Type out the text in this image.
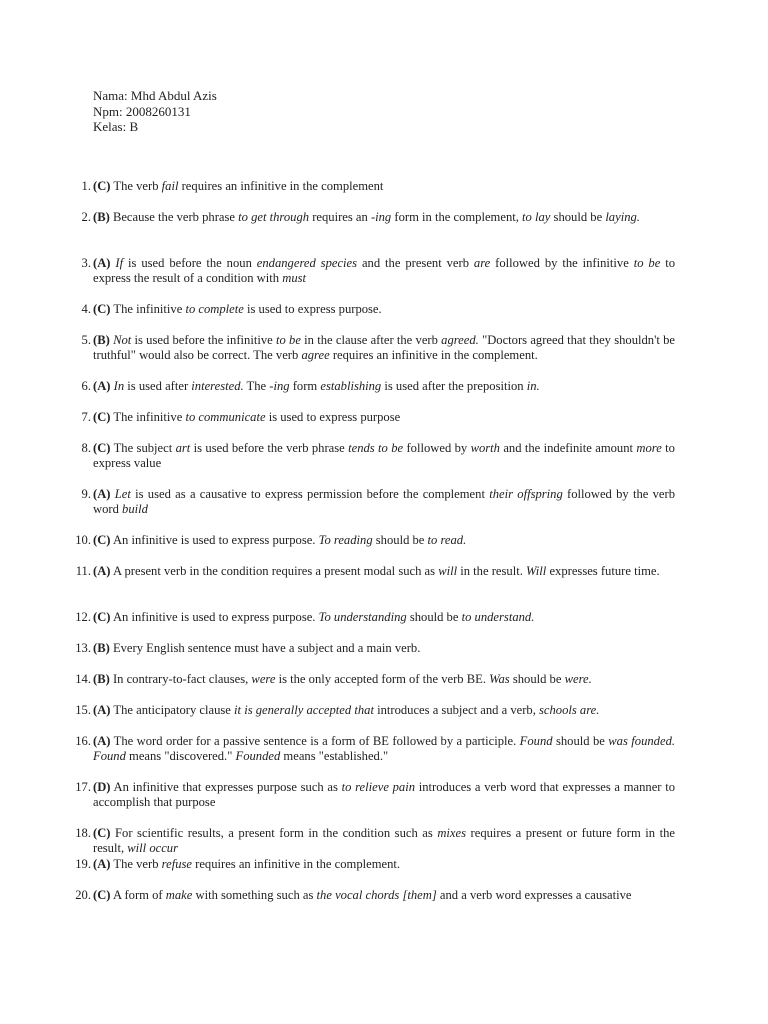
Nama: Mhd Abdul Azis
Npm: 2008260131
Kelas: B
1. (C) The verb fail requires an infinitive in the complement
2. (B) Because the verb phrase to get through requires an -ing form in the complement, to lay should be laying.
3. (A) If is used before the noun endangered species and the present verb are followed by the infinitive to be to express the result of a condition with must
4. (C) The infinitive to complete is used to express purpose.
5. (B) Not is used before the infinitive to be in the clause after the verb agreed. "Doctors agreed that they shouldn't be truthful" would also be correct. The verb agree requires an infinitive in the complement.
6. (A) In is used after interested. The -ing form establishing is used after the preposition in.
7. (C) The infinitive to communicate is used to express purpose
8. (C) The subject art is used before the verb phrase tends to be followed by worth and the indefinite amount more to express value
9. (A) Let is used as a causative to express permission before the complement their offspring followed by the verb word build
10. (C) An infinitive is used to express purpose. To reading should be to read.
11. (A) A present verb in the condition requires a present modal such as will in the result. Will expresses future time.
12. (C) An infinitive is used to express purpose. To understanding should be to understand.
13. (B) Every English sentence must have a subject and a main verb.
14. (B) In contrary-to-fact clauses, were is the only accepted form of the verb BE. Was should be were.
15. (A) The anticipatory clause it is generally accepted that introduces a subject and a verb, schools are.
16. (A) The word order for a passive sentence is a form of BE followed by a participle. Found should be was founded. Found means "discovered." Founded means "established."
17. (D) An infinitive that expresses purpose such as to relieve pain introduces a verb word that expresses a manner to accomplish that purpose
18. (C) For scientific results, a present form in the condition such as mixes requires a present or future form in the result, will occur
19. (A) The verb refuse requires an infinitive in the complement.
20. (C) A form of make with something such as the vocal chords [them] and a verb word expresses a causative
